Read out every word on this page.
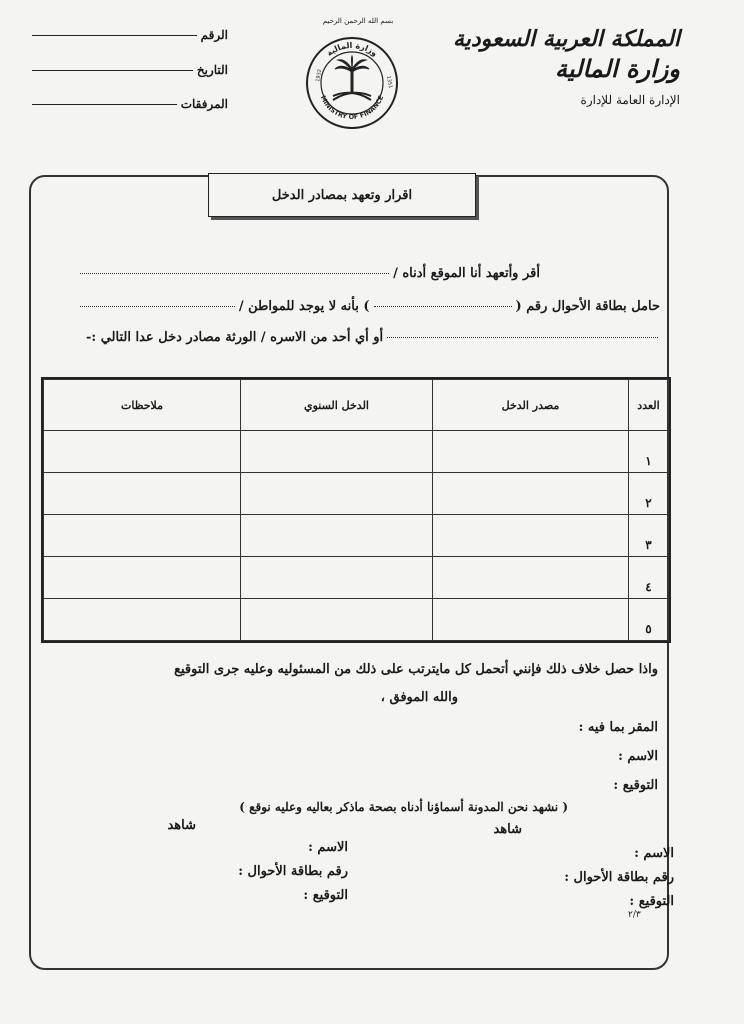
المملكة العربية السعودية
وزارة المالية
الإدارة العامة للإدارة
بسم الله الرحمن الرحيم
وزارة المالية
MINISTRY OF FINANCE
1932	1351
الرقم
التاريخ
المرفقات
اقرار وتعهد بمصادر الدخل
أقر وأتعهد أنا الموقع أدناه /
حامل بطاقة الأحوال رقم (
) بأنه لا يوجد للمواطن /
أو أي أحد من الاسره / الورثة مصادر دخل عدا التالي :-
العدد	مصدر الدخل	الدخل السنوي	ملاحظات
١			
٢			
٣			
٤			
٥			
واذا حصل خلاف ذلك فإنني أتحمل كل مايترتب على ذلك من المسئوليه وعليه جرى التوقيع
والله الموفق ،
المقر بما فيه :
الاسم :
التوقيع :
( نشهد نحن المدونة أسماؤنا أدناه بصحة ماذكر بعاليه وعليه نوقع )
شاهد
شاهد
الاسم :
رقم بطاقة الأحوال :
التوقيع :
الاسم :
رقم بطاقة الأحوال :
التوقيع :
٢/٣
